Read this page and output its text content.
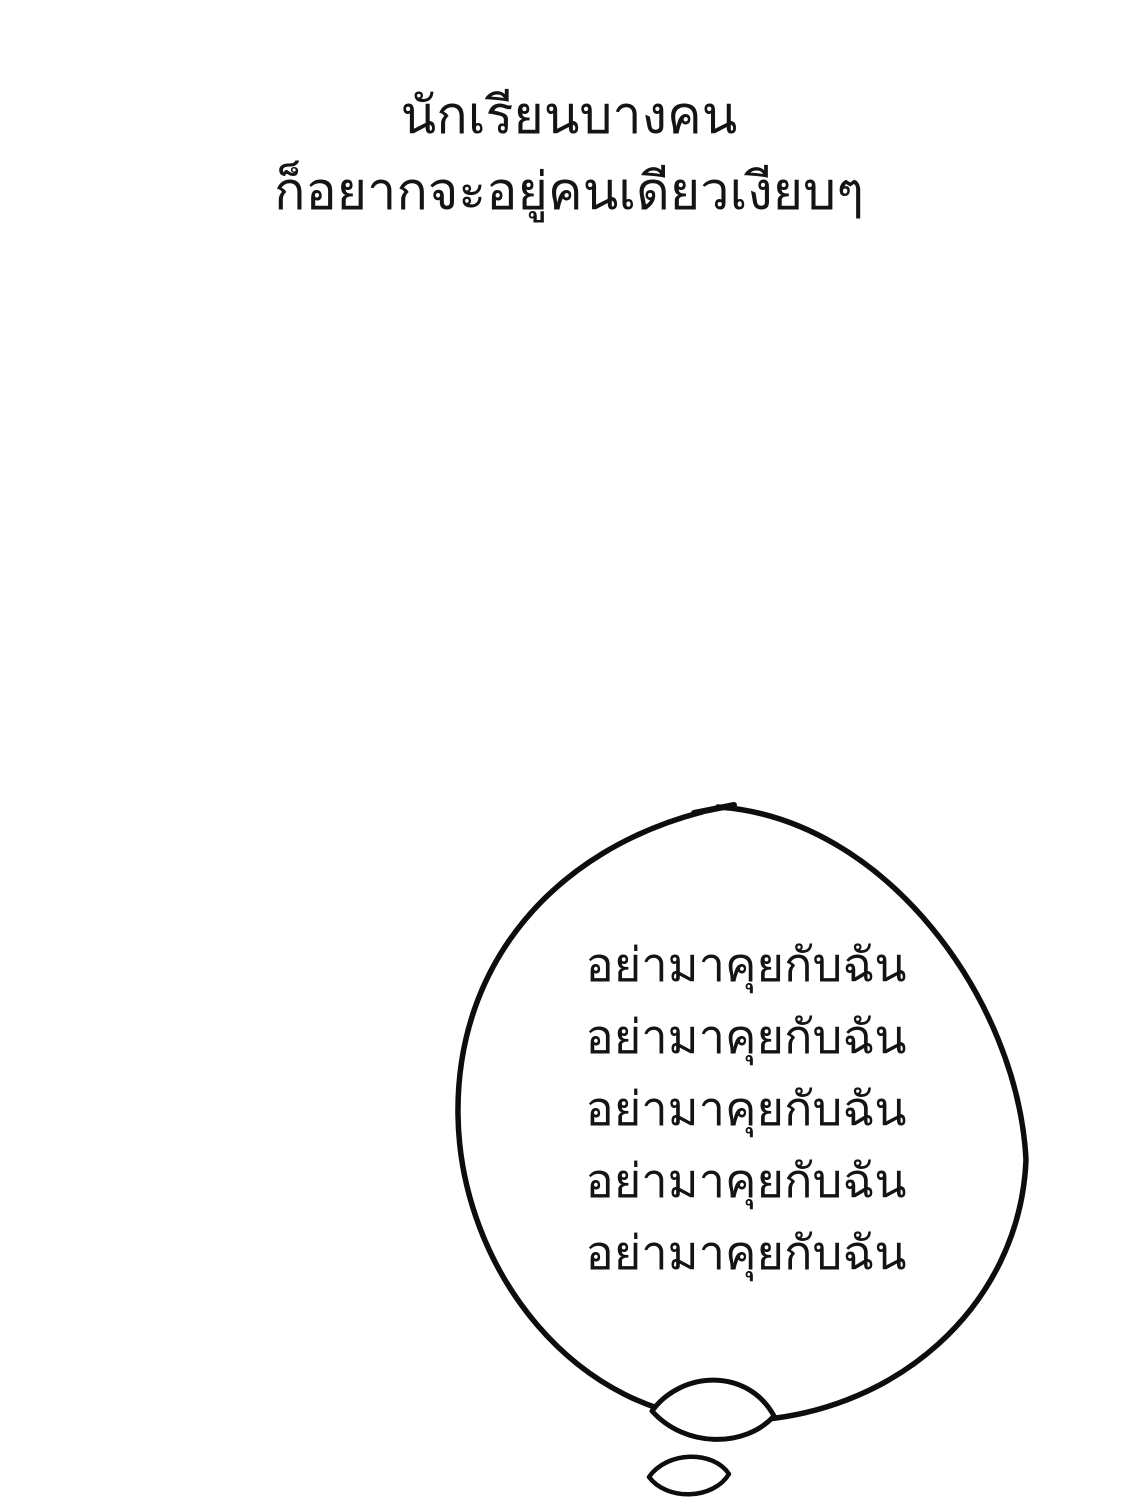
นักเรียนบางคน
ก็อยากจะอยู่คนเดียวเงียบๆ
อย่ามาคุยกับฉัน
อย่ามาคุยกับฉัน
อย่ามาคุยกับฉัน
อย่ามาคุยกับฉัน
อย่ามาคุยกับฉัน
